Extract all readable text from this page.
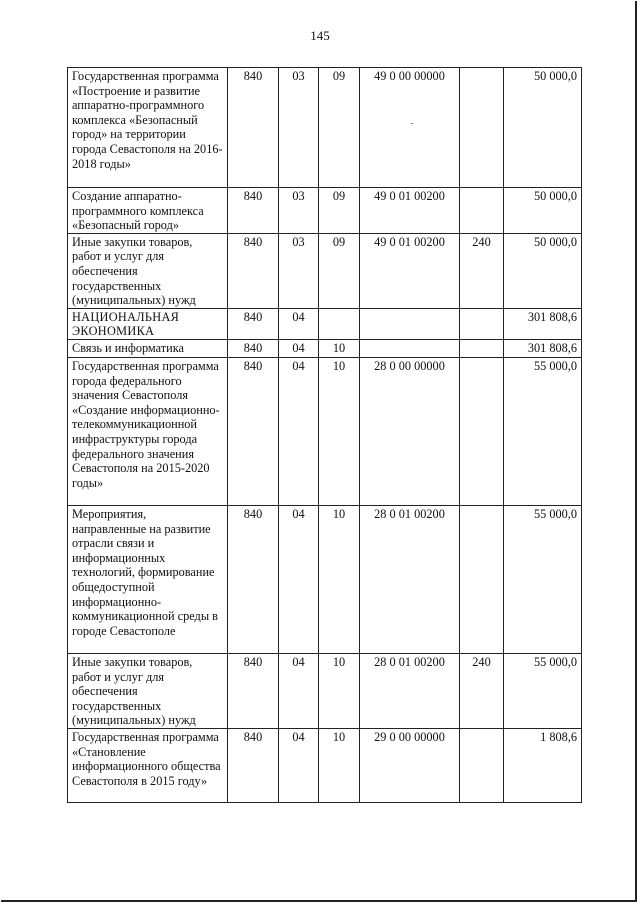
145
Государственная программа «Построение и развитие аппаратно-программного комплекса «Безопасный город» на территории города Севастополя на 2016-2018 годы»	840	03	09	49 0 00 00000		50 000,0
Создание аппаратно-программного комплекса «Безопасный город»	840	03	09	49 0 01 00200		50 000,0
Иные закупки товаров, работ и услуг для обеспечения государственных (муниципальных) нужд	840	03	09	49 0 01 00200	240	50 000,0
НАЦИОНАЛЬНАЯ ЭКОНОМИКА	840	04				301 808,6
Связь и информатика	840	04	10			301 808,6
Государственная программа города федерального значения Севастополя «Создание информационно-телекоммуникационной инфраструктуры города федерального значения Севастополя на 2015-2020 годы»	840	04	10	28 0 00 00000		55 000,0
Мероприятия, направленные на развитие отрасли связи и информационных технологий, формирование общедоступной информационно-коммуникационной среды в городе Севастополе	840	04	10	28 0 01 00200		55 000,0
Иные закупки товаров, работ и услуг для обеспечения государственных (муниципальных) нужд	840	04	10	28 0 01 00200	240	55 000,0
Государственная программа «Становление информационного общества Севастополя в 2015 году»	840	04	10	29 0 00 00000		1 808,6
